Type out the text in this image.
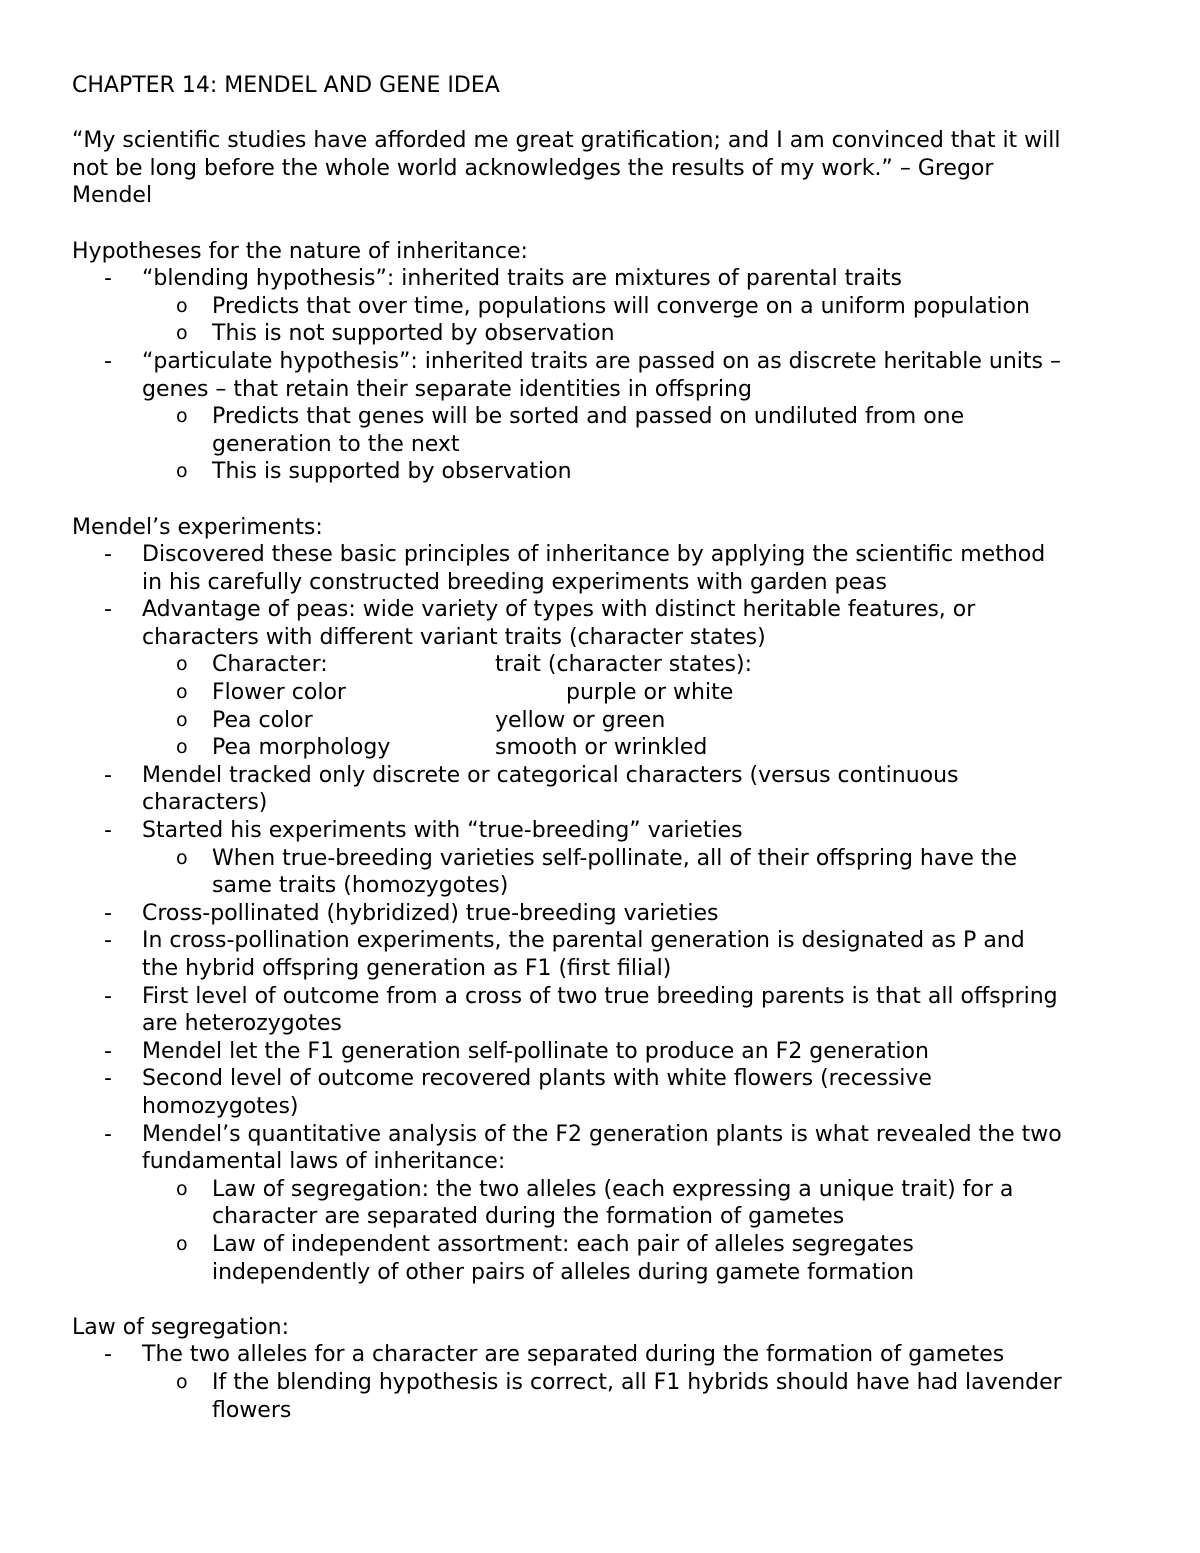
CHAPTER 14: MENDEL AND GENE IDEA
“My scientific studies have afforded me great gratification; and I am convinced that it will
not be long before the whole world acknowledges the results of my work.” – Gregor
Mendel
Hypotheses for the nature of inheritance:
- “blending hypothesis”: inherited traits are mixtures of parental traits
o Predicts that over time, populations will converge on a uniform population
o This is not supported by observation
- “particulate hypothesis”: inherited traits are passed on as discrete heritable units –
genes – that retain their separate identities in offspring
o Predicts that genes will be sorted and passed on undiluted from one
generation to the next
o This is supported by observation
Mendel’s experiments:
- Discovered these basic principles of inheritance by applying the scientific method
in his carefully constructed breeding experiments with garden peas
- Advantage of peas: wide variety of types with distinct heritable features, or
characters with different variant traits (character states)
o Character:	trait (character states):
o Flower color	purple or white
o Pea color	yellow or green
o Pea morphology	smooth or wrinkled
- Mendel tracked only discrete or categorical characters (versus continuous
characters)
- Started his experiments with “true-breeding” varieties
o When true-breeding varieties self-pollinate, all of their offspring have the
same traits (homozygotes)
- Cross-pollinated (hybridized) true-breeding varieties
- In cross-pollination experiments, the parental generation is designated as P and
the hybrid offspring generation as F1 (first filial)
- First level of outcome from a cross of two true breeding parents is that all offspring
are heterozygotes
- Mendel let the F1 generation self-pollinate to produce an F2 generation
- Second level of outcome recovered plants with white flowers (recessive
homozygotes)
- Mendel’s quantitative analysis of the F2 generation plants is what revealed the two
fundamental laws of inheritance:
o Law of segregation: the two alleles (each expressing a unique trait) for a
character are separated during the formation of gametes
o Law of independent assortment: each pair of alleles segregates
independently of other pairs of alleles during gamete formation
Law of segregation:
- The two alleles for a character are separated during the formation of gametes
o If the blending hypothesis is correct, all F1 hybrids should have had lavender
flowers
